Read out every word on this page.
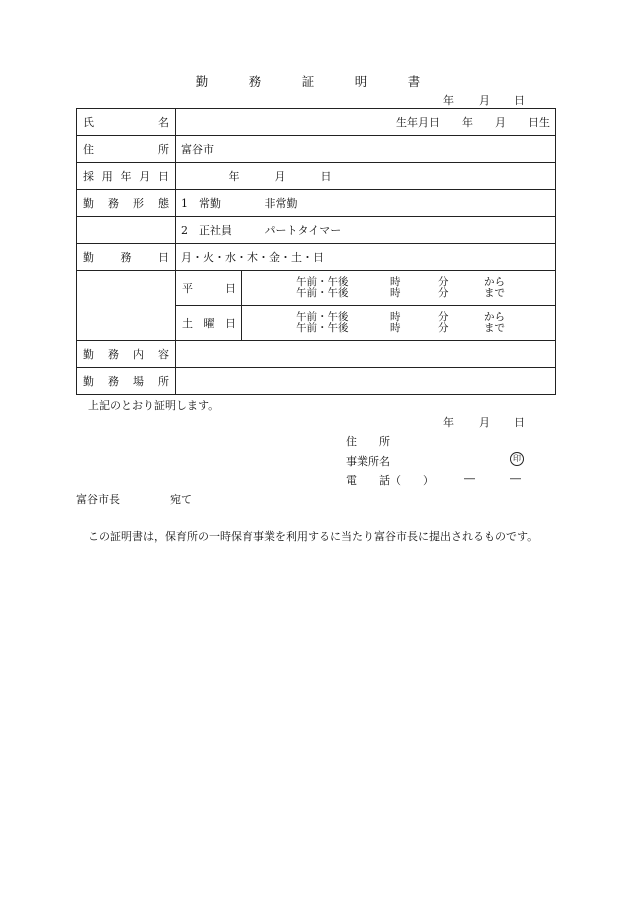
勤　務　証　明　書
年 月 日
氏	名	生年月日 年 月 日生

住	所	富谷市

採 用 年 月 日	年	月	日

勤 務 形 態	1　常勤	非常勤
	2　正社員	パートタイマー

勤 務 日	月・火・水・木・金・土・日

平	日	午前・午後	時	分	から
午前・午後	時	分	まで

土 曜 日	午前・午後	時	分	から
午前・午後	時	分	まで

勤 務 内 容

勤 務 場 所

上記のとおり証明します。
年 月 日
住　　所
事業所名	印
電　　話（　　）	―	―
富谷市長	宛て
この証明書は，保育所の一時保育事業を利用するに当たり富谷市長に提出されるものです。
